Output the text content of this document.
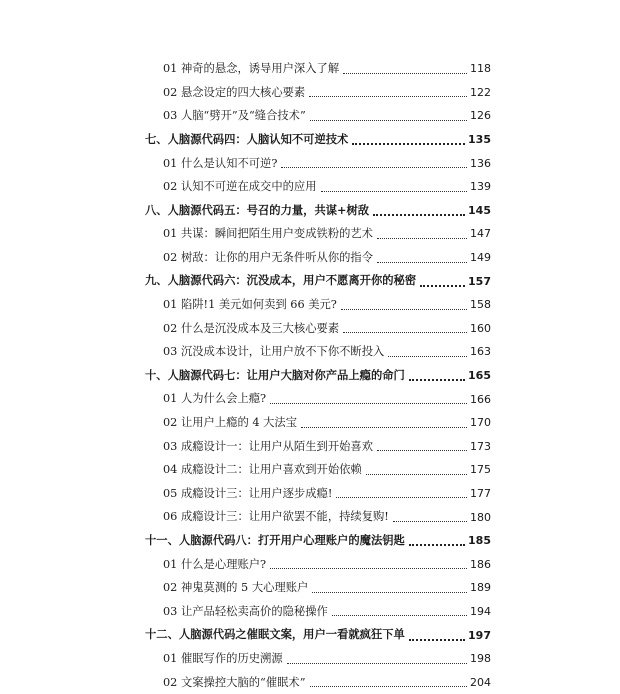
01 神奇的悬念，诱导用户深入了解	118
02 悬念设定的四大核心要素	122
03 人脑“劈开”及“缝合技术”	126
七、人脑源代码四：人脑认知不可逆技术	135
01 什么是认知不可逆?	136
02 认知不可逆在成交中的应用	139
八、人脑源代码五：号召的力量，共谋+树敌	145
01 共谋：瞬间把陌生用户变成铁粉的艺术	147
02 树敌：让你的用户无条件听从你的指令	149
九、人脑源代码六：沉没成本，用户不愿离开你的秘密	157
01 陷阱!1 美元如何卖到 66 美元?	158
02 什么是沉没成本及三大核心要素	160
03 沉没成本设计，让用户放不下你不断投入	163
十、人脑源代码七：让用户大脑对你产品上瘾的命门	165
01 人为什么会上瘾?	166
02 让用户上瘾的 4 大法宝	170
03 成瘾设计一：让用户从陌生到开始喜欢	173
04 成瘾设计二：让用户喜欢到开始依赖	175
05 成瘾设计三：让用户逐步成瘾!	177
06 成瘾设计三：让用户欲罢不能，持续复购!	180
十一、人脑源代码八：打开用户心理账户的魔法钥匙	185
01 什么是心理账户?	186
02 神鬼莫测的 5 大心理账户	189
03 让产品轻松卖高价的隐秘操作	194
十二、人脑源代码之催眠文案，用户一看就疯狂下单	197
01 催眠写作的历史溯源	198
02 文案操控大脑的“催眠术”	204
